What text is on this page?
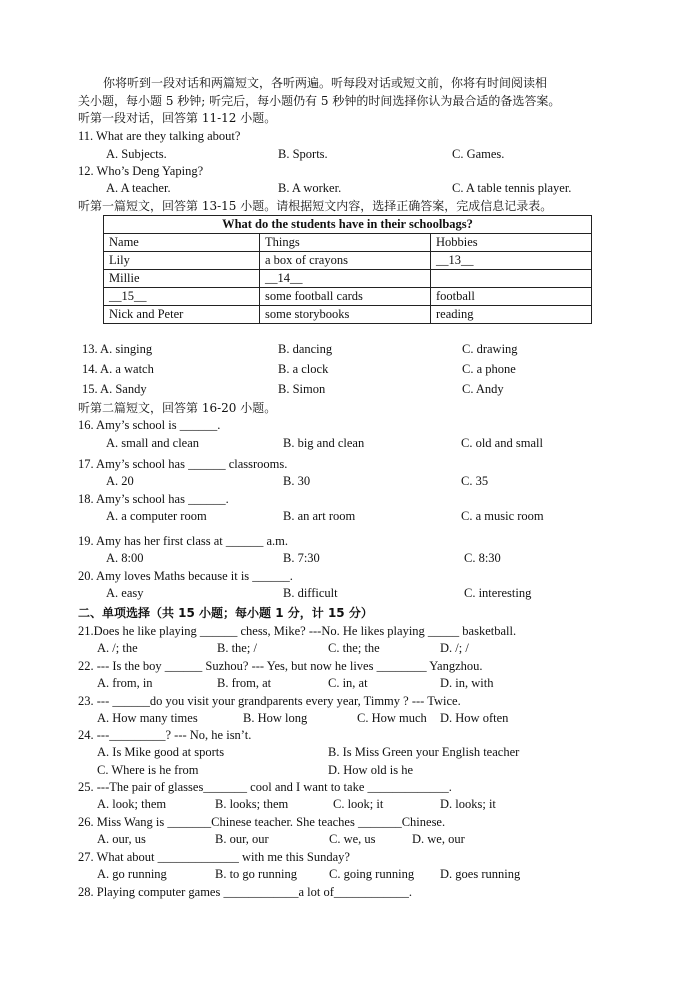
你将听到一段对话和两篇短文，各听两遍。听每段对话或短文前，你将有时间阅读相
关小题，每小题 5 秒钟; 听完后，每小题仍有 5 秒钟的时间选择你认为最合适的备选答案。
听第一段对话，回答第 11-12 小题。
11. What are they talking about?
A. Subjects.	B. Sports.	C. Games.
12. Who’s Deng Yaping?
A. A teacher.	B. A worker.	C. A table tennis player.
听第一篇短文，回答第 13-15 小题。请根据短文内容，选择正确答案，完成信息记录表。
What do the students have in their schoolbags?		
Name	Things	Hobbies
Lily	a box of crayons	__13__
Millie	__14__	
__15__	some football cards	football
Nick and Peter	some storybooks	reading
13. A. singing	B. dancing	C. drawing
14. A. a watch	B. a clock	C. a phone
15. A. Sandy	B. Simon	C. Andy
听第二篇短文，回答第 16-20 小题。
16. Amy’s school is ______.
A. small and clean	B. big and clean	C. old and small
17. Amy’s school has ______ classrooms.
A. 20	B. 30	C. 35
18. Amy’s school has ______.
A. a computer room	B. an art room	C. a music room
19. Amy has her first class at ______ a.m.
A. 8:00	B. 7:30	C. 8:30
20. Amy loves Maths because it is ______.
A. easy	B. difficult	C. interesting
二、单项选择（共 15 小题；每小题 1 分，计 15 分）
21.Does he like playing ______ chess, Mike? ---No. He likes playing _____ basketball.
A. /; the	B. the; /	C. the; the	D. /; /
22. --- Is the boy ______ Suzhou? --- Yes, but now he lives ________ Yangzhou.
A. from, in	B. from, at	C. in, at	D. in, with
23. --- ______do you visit your grandparents every year, Timmy ? --- Twice.
A. How many times	B. How long	C. How much D. How often
24. ---_________? --- No, he isn’t.
A. Is Mike good at sports	B. Is Miss Green your English teacher
C. Where is he from	D. How old is he
25. ---The pair of glasses_______ cool and I want to take _____________.
A. look; them	B. looks; them	C. look; it	D. looks; it
26. Miss Wang is _______Chinese teacher. She teaches _______Chinese.
A. our, us	B. our, our	C. we, us	D. we, our
27. What about _____________ with me this Sunday?
A. go running	B. to go running	C. going running D. goes running
28. Playing computer games ____________a lot of____________.
